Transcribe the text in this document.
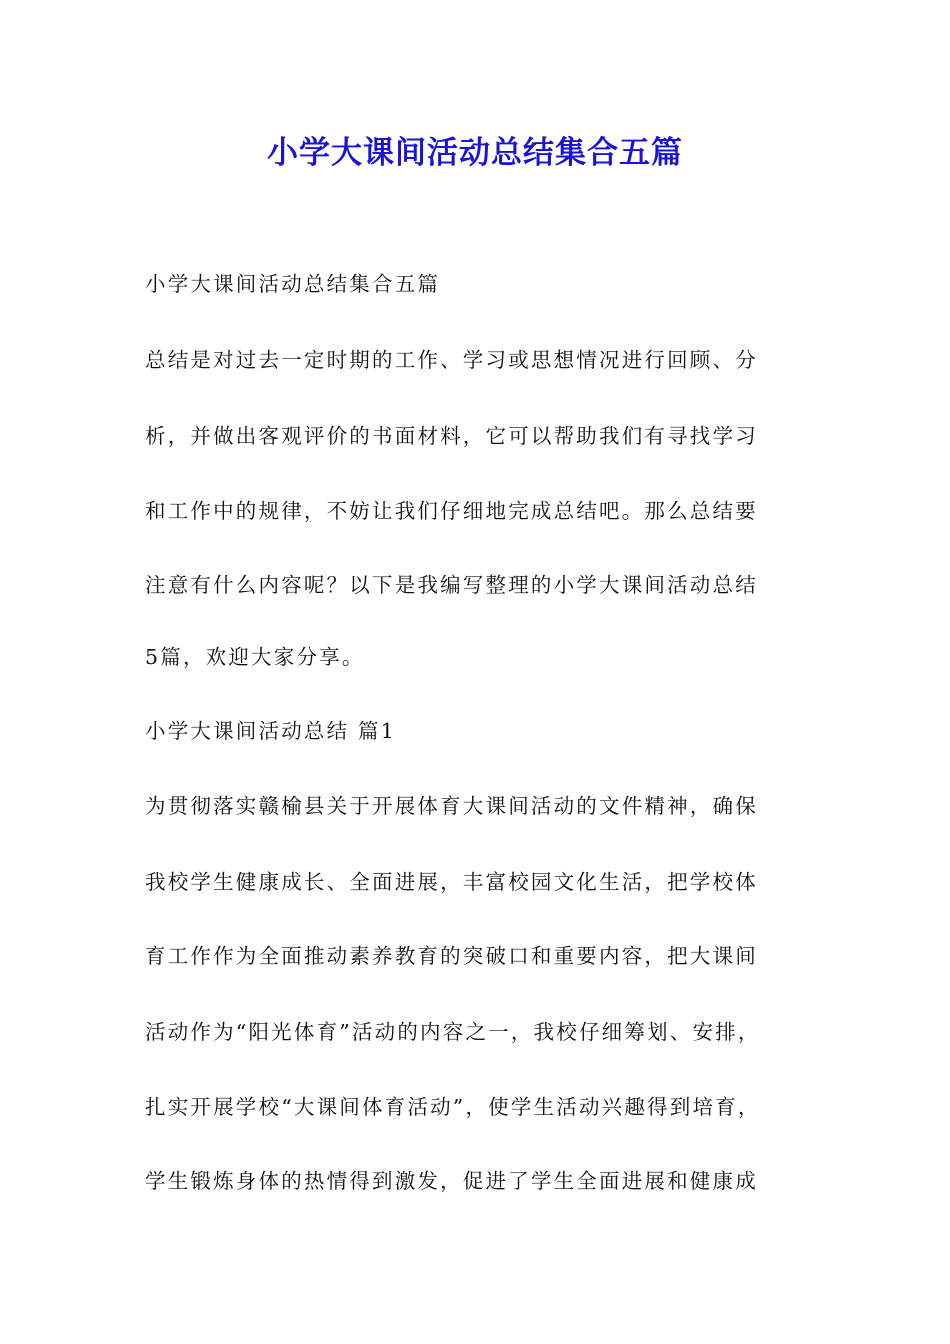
小学大课间活动总结集合五篇
小学大课间活动总结集合五篇
总结是对过去一定时期的工作、学习或思想情况进行回顾、分
析，并做出客观评价的书面材料，它可以帮助我们有寻找学习
和工作中的规律，不妨让我们仔细地完成总结吧。那么总结要
注意有什么内容呢？以下是我编写整理的小学大课间活动总结
5篇，欢迎大家分享。
小学大课间活动总结 篇1
为贯彻落实赣榆县关于开展体育大课间活动的文件精神，确保
我校学生健康成长、全面进展，丰富校园文化生活，把学校体
育工作作为全面推动素养教育的突破口和重要内容，把大课间
活动作为“阳光体育”活动的内容之一，我校仔细筹划、安排，
扎实开展学校“大课间体育活动”，使学生活动兴趣得到培育，
学生锻炼身体的热情得到激发，促进了学生全面进展和健康成
